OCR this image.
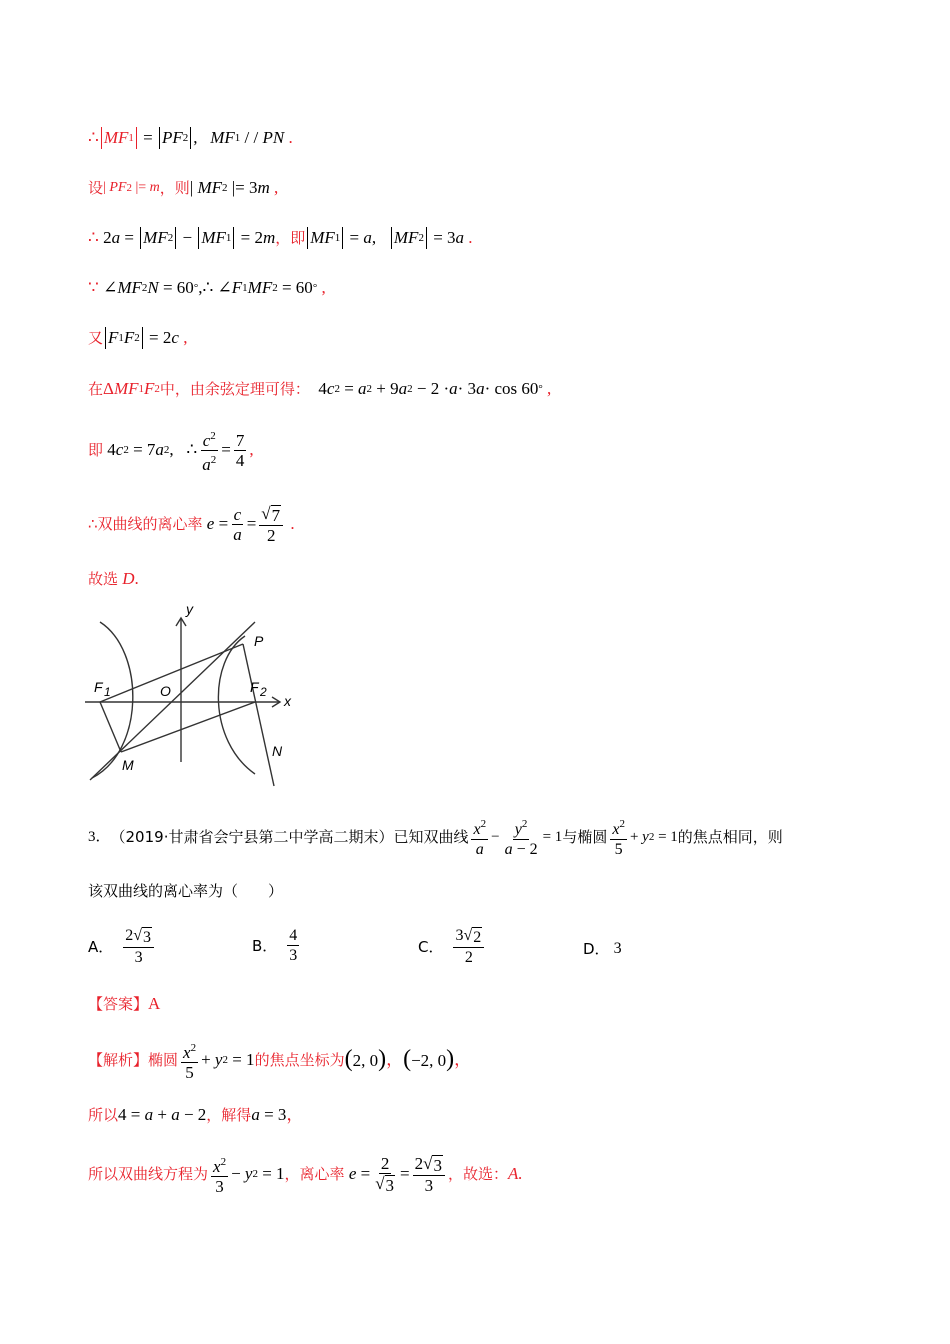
∴ MF 1 = PF 2 , MF 1 / / PN .
设 | PF 2 |= m ，则 | MF 2 |= 3 m ,
∴ 2 a = MF 2 − MF 1 = 2 m ，即 MF 1 = a , MF 2 = 3 a .
∵ ∠ MF 2 N = 60 ° ,∴ ∠ F 1 MF 2 = 60 ° ,
又 F 1 F 2 = 2 c ,
在 Δ MF 1 F 2 中，由余弦定理可得： 4 c 2 = a 2 + 9 a 2 − 2 · a · 3 a · cos 60 ° ,
即 4 c 2 = 7 a 2 ,   ∴ $\frac{c^2}{a^2} = \frac{7}{4}$ ,
∴双曲线的离心率 $e = \frac{c}{a} = \frac{√ 7}{2}$ .
故选 D .
y
x
O
F 1	F 2
P
M
N
3． （2019·甘肃省会宁县第二中学高二期末） 已知双曲线 $\frac{x^2}{a} - \frac{y^2}{a - 2} = 1$ 与椭圆 $\frac{x^2}{5} + y$ 2 = 1 的焦点相同，则
该双曲线的离心率为（　　）
A． $\frac{2√ 3}{3}$	B． $\frac{4}{3}$	C． $\frac{3√ 2}{2}$	D． 3
【答案】 A
【解析】 椭圆 $\frac{x^2}{5} + y$ 2 = 1 的焦点坐标为 (2, 0) ， (−2, 0) ，
所以 4 = a + a − 2 ，解得 a = 3 ，
所以双曲线方程为 $\frac{x^2}{3} - y$ 2 = 1 ，离心率 $e = \frac{2}{√ 3} = \frac{2√ 3}{3}$ ，故选： A.
